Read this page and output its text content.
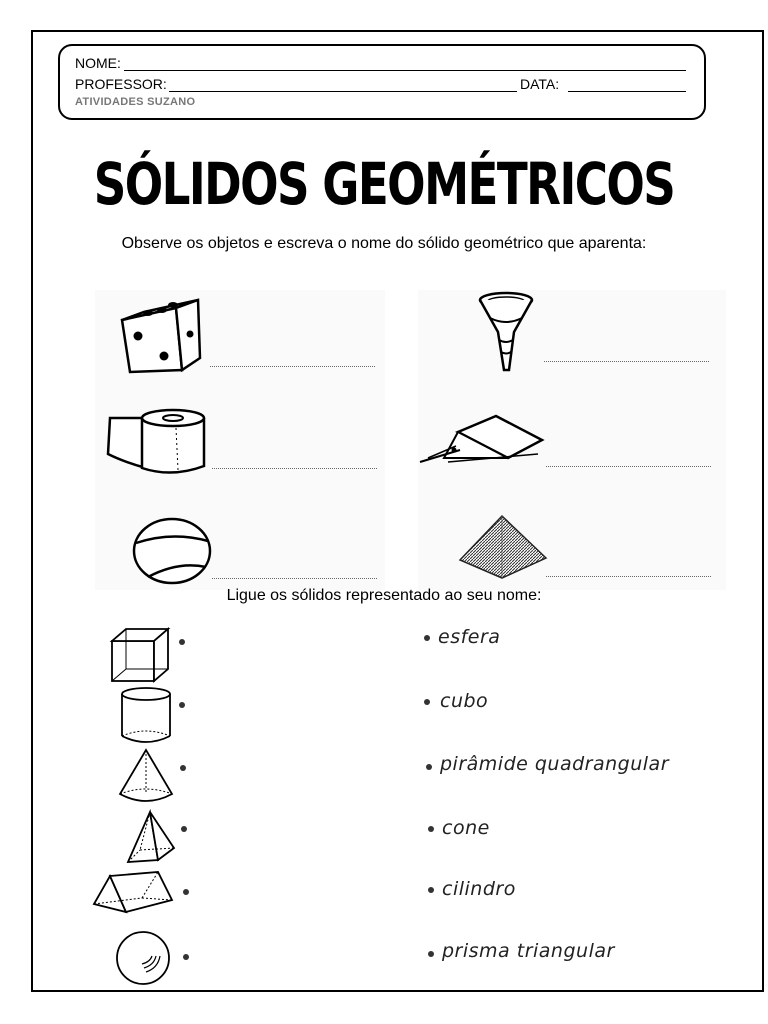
NOME:
PROFESSOR:	DATA:
ATIVIDADES SUZANO
SÓLIDOS GEOMÉTRICOS
Observe os objetos e escreva o nome do sólido geométrico que aparenta:
Ligue os sólidos representado ao seu nome:
esfera
cubo
pirâmide quadrangular
cone
cilindro
prisma triangular
